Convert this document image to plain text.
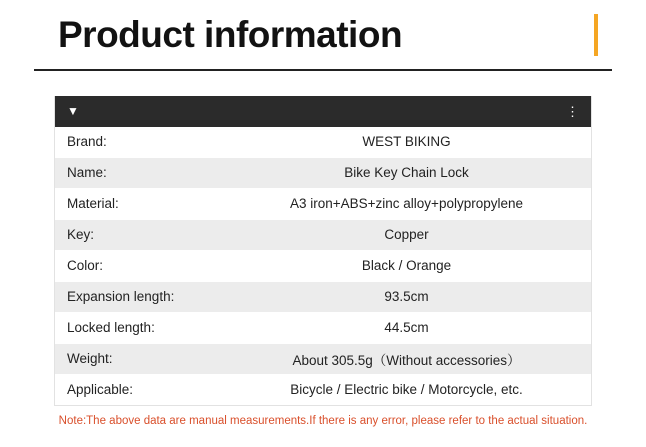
Product information
▼	⋮
Brand:	WEST BIKING
Name:	Bike Key Chain Lock
Material:	A3 iron+ABS+zinc alloy+polypropylene
Key:	Copper
Color:	Black / Orange
Expansion length:	93.5cm
Locked length:	44.5cm
Weight:	About 305.5g（Without accessories）
Applicable:	Bicycle / Electric bike / Motorcycle, etc.
Note:The above data are manual measurements.If there is any error, please refer to the actual situation.
